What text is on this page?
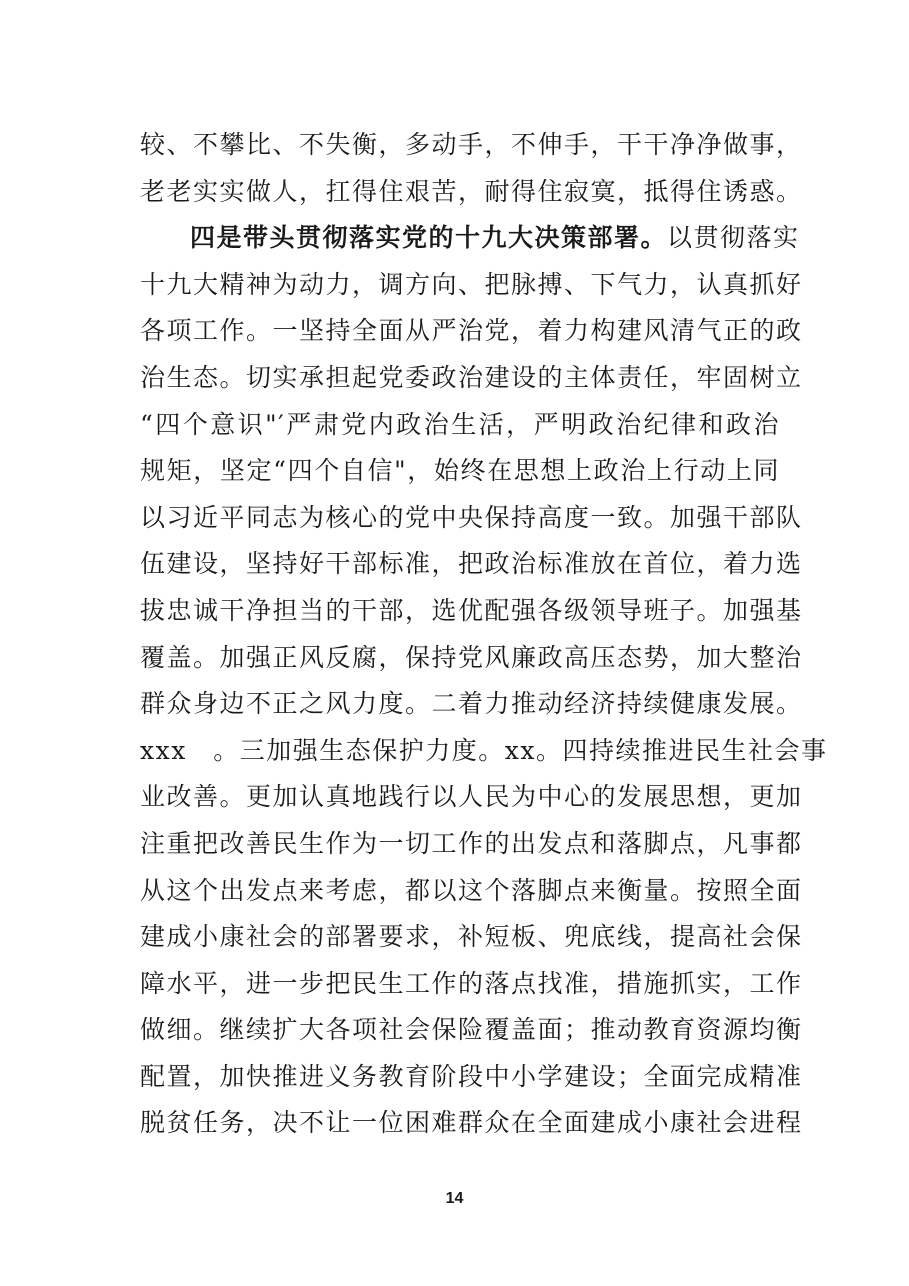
较、不攀比、不失衡，多动手，不伸手，干干净净做事，
老老实实做人，扛得住艰苦，耐得住寂寞，抵得住诱惑。
四是带头贯彻落实党的十九大决策部署。以贯彻落实
十九大精神为动力，调方向、把脉搏、下气力，认真抓好
各项工作。一坚持全面从严治党，着力构建风清气正的政
治生态。切实承担起党委政治建设的主体责任，牢固树立
“四个意识"′严肃党内政治生活，严明政治纪律和政治
规矩，坚定“四个自信"，始终在思想上政治上行动上同
以习近平同志为核心的党中央保持高度一致。加强干部队
伍建设，坚持好干部标准，把政治标准放在首位，着力选
拔忠诚干净担当的干部，选优配强各级领导班子。加强基
覆盖。加强正风反腐，保持党风廉政高压态势，加大整治
群众身边不正之风力度。二着力推动经济持续健康发展。
xxx　。三加强生态保护力度。xx。四持续推进民生社会事
业改善。更加认真地践行以人民为中心的发展思想，更加
注重把改善民生作为一切工作的出发点和落脚点，凡事都
从这个出发点来考虑，都以这个落脚点来衡量。按照全面
建成小康社会的部署要求，补短板、兜底线，提高社会保
障水平，进一步把民生工作的落点找准，措施抓实，工作
做细。继续扩大各项社会保险覆盖面；推动教育资源均衡
配置，加快推进义务教育阶段中小学建设；全面完成精准
脱贫任务，决不让一位困难群众在全面建成小康社会进程
14
